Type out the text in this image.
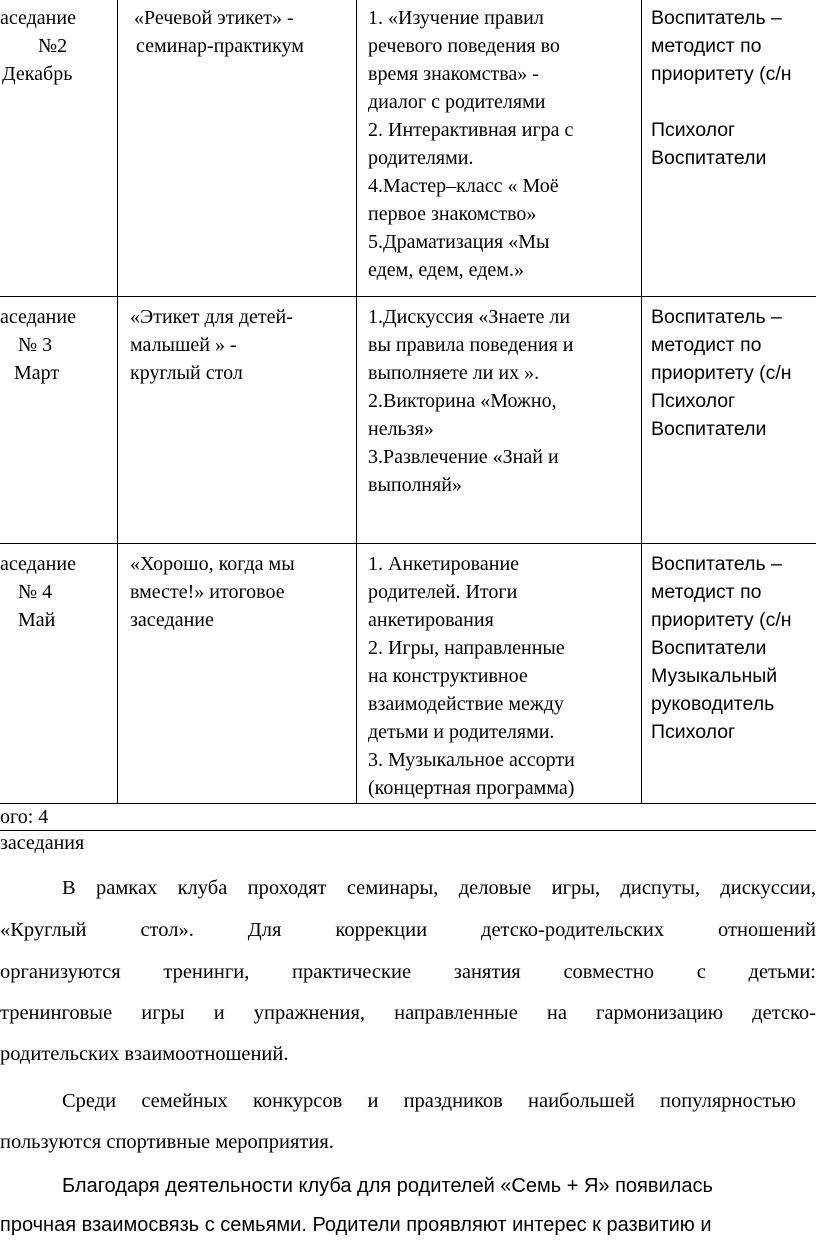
аседание
№2
Декабрь
«Речевой этикет» -
семинар-практикум
1. «Изучение правил
речевого поведения во
время знакомства» -
диалог с родителями
2. Интерактивная игра с
родителями.
4.Мастер–класс « Моё
первое знакомство»
5.Драматизация «Мы
едем, едем, едем.»
Воспитатель –
методист по
приоритету (с/н
Психолог
Воспитатели
аседание
№ 3
Март
«Этикет для детей-
малышей » -
круглый стол
1.Дискуссия «Знаете ли
вы правила поведения и
выполняете ли их ».
2.Викторина «Можно,
нельзя»
3.Развлечение «Знай и
выполняй»
Воспитатель –
методист по
приоритету (с/н
Психолог
Воспитатели
аседание
№ 4
Май
«Хорошо, когда мы
вместе!» итоговое
заседание
1. Анкетирование
родителей. Итоги
анкетирования
2. Игры, направленные
на конструктивное
взаимодействие между
детьми и родителями.
3. Музыкальное ассорти
(концертная программа)
Воспитатель –
методист по
приоритету (с/н
Воспитатели
Музыкальный
руководитель
Психолог
ого: 4 заседания
В рамках клуба проходят семинары, деловые игры, диспуты, дискуссии,
«Круглый стол». Для коррекции детско-родительских отношений
организуются тренинги, практические занятия совместно с детьми:
тренинговые игры и упражнения, направленные на гармонизацию детско-
родительских взаимоотношений.
Среди семейных конкурсов и праздников наибольшей популярностью
пользуются спортивные мероприятия.
Благодаря деятельности клуба для родителей «Семь + Я» появилась
прочная взаимосвязь с семьями. Родители проявляют интерес к развитию и
